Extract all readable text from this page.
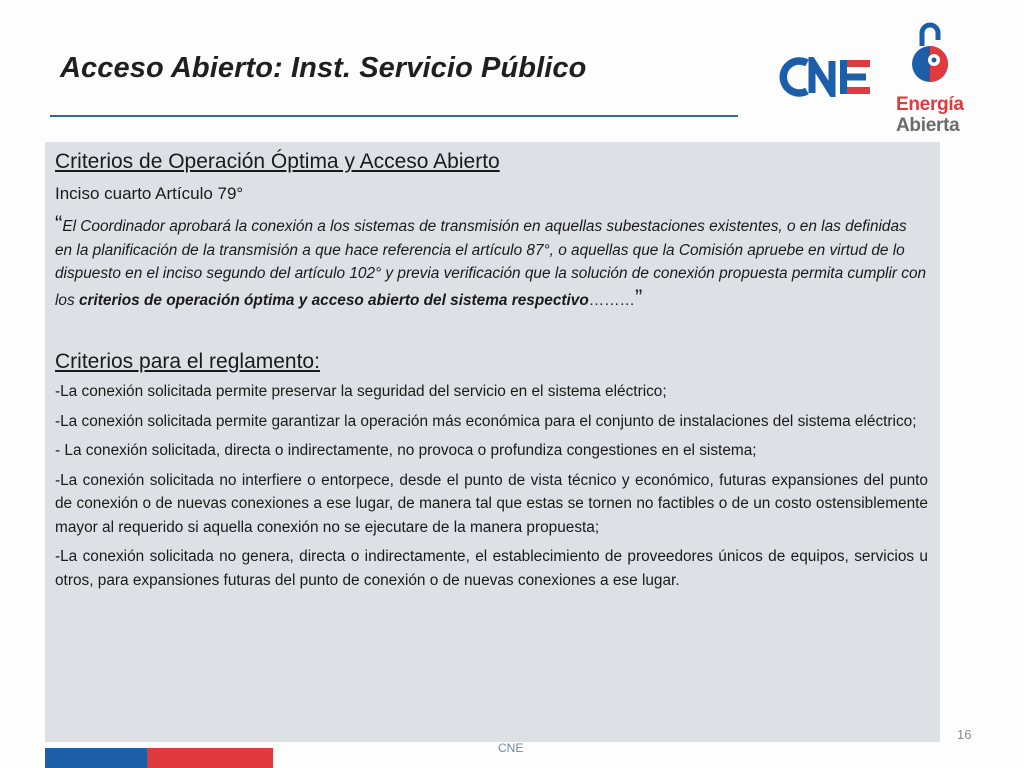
Acceso Abierto: Inst. Servicio Público
Energía
Abierta
Criterios de Operación Óptima y Acceso Abierto
Inciso cuarto Artículo 79°
“El Coordinador aprobará la conexión a los sistemas de transmisión en aquellas subestaciones existentes, o en las definidas en la planificación de la transmisión a que hace referencia el artículo 87°, o aquellas que la Comisión apruebe en virtud de lo dispuesto en el inciso segundo del artículo 102° y previa verificación que la solución de conexión propuesta permita cumplir con los criterios de operación óptima y acceso abierto del sistema respectivo………”
Criterios para el reglamento:
-La conexión solicitada permite preservar la seguridad del servicio en el sistema eléctrico;
-La conexión solicitada permite garantizar la operación más económica para el conjunto de instalaciones del sistema eléctrico;
- La conexión solicitada, directa o indirectamente, no provoca o profundiza congestiones en el sistema;
-La conexión solicitada no interfiere o entorpece, desde el punto de vista técnico y económico, futuras expansiones del punto de conexión o de nuevas conexiones a ese lugar, de manera tal que estas se tornen no factibles o de un costo ostensiblemente mayor al requerido si aquella conexión no se ejecutare de la manera propuesta;
-La conexión solicitada no genera, directa o indirectamente, el establecimiento de proveedores únicos de equipos, servicios u otros, para expansiones futuras del punto de conexión o de nuevas conexiones a ese lugar.
16
CNE
